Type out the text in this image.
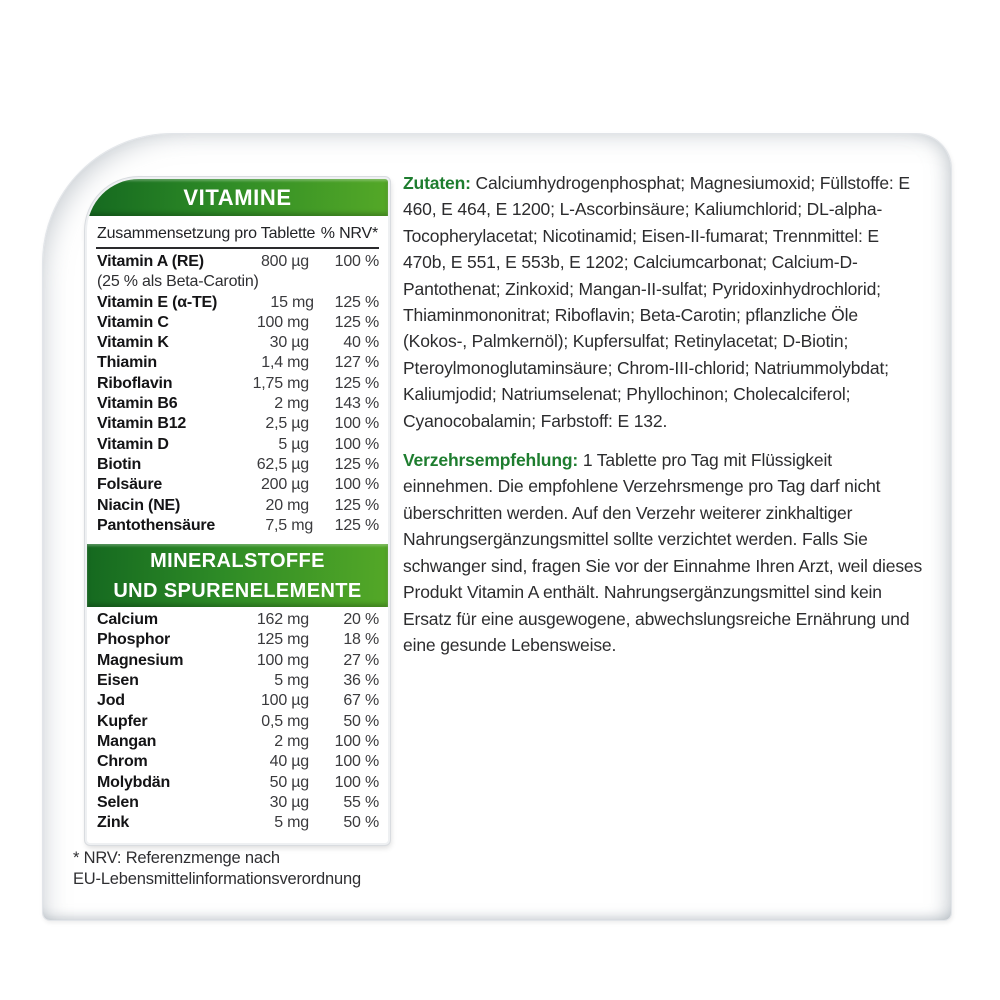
VITAMINE
Zusammensetzung pro Tablette % NRV*
Vitamin A (RE)	800 µg	100 %
(25 % als Beta-Carotin)
Vitamin E (α-TE)	15 mg	125 %
Vitamin C	100 mg	125 %
Vitamin K	30 µg	40 %
Thiamin	1,4 mg	127 %
Riboflavin	1,75 mg	125 %
Vitamin B6	2 mg	143 %
Vitamin B12	2,5 µg	100 %
Vitamin D	5 µg	100 %
Biotin	62,5 µg	125 %
Folsäure	200 µg	100 %
Niacin (NE)	20 mg	125 %
Pantothensäure	7,5 mg	125 %
MINERALSTOFFE
UND SPURENELEMENTE
Calcium	162 mg	20 %
Phosphor	125 mg	18 %
Magnesium	100 mg	27 %
Eisen	5 mg	36 %
Jod	100 µg	67 %
Kupfer	0,5 mg	50 %
Mangan	2 mg	100 %
Chrom	40 µg	100 %
Molybdän	50 µg	100 %
Selen	30 µg	55 %
Zink	5 mg	50 %
* NRV: Referenzmenge nach
EU-Lebensmittelinformationsverordnung

Zutaten: Calciumhydrogenphosphat; Magnesiumoxid; Füllstoffe: E 460, E 464, E 1200; L-Ascorbinsäure; Kaliumchlorid; DL-alpha-Tocopherylacetat; Nicotinamid; Eisen-II-fumarat; Trennmittel: E 470b, E 551, E 553b, E 1202; Calciumcarbonat; Calcium-D-Pantothenat; Zinkoxid; Mangan-II-sulfat; Pyridoxinhydrochlorid; Thiaminmononitrat; Riboflavin; Beta-Carotin; pflanzliche Öle (Kokos-, Palmkernöl); Kupfersulfat; Retinylacetat; D-Biotin; Pteroylmonoglutaminsäure; Chrom-III-chlorid; Natriummolybdat; Kaliumjodid; Natriumselenat; Phyllochinon; Cholecalciferol; Cyanocobalamin; Farbstoff: E 132.

Verzehrsempfehlung: 1 Tablette pro Tag mit Flüssigkeit einnehmen. Die empfohlene Verzehrsmenge pro Tag darf nicht überschritten werden. Auf den Verzehr weiterer zinkhaltiger Nahrungsergänzungsmittel sollte verzichtet werden. Falls Sie schwanger sind, fragen Sie vor der Einnahme Ihren Arzt, weil dieses Produkt Vitamin A enthält. Nahrungsergänzungsmittel sind kein Ersatz für eine ausgewogene, abwechslungsreiche Ernährung und eine gesunde Lebensweise.
